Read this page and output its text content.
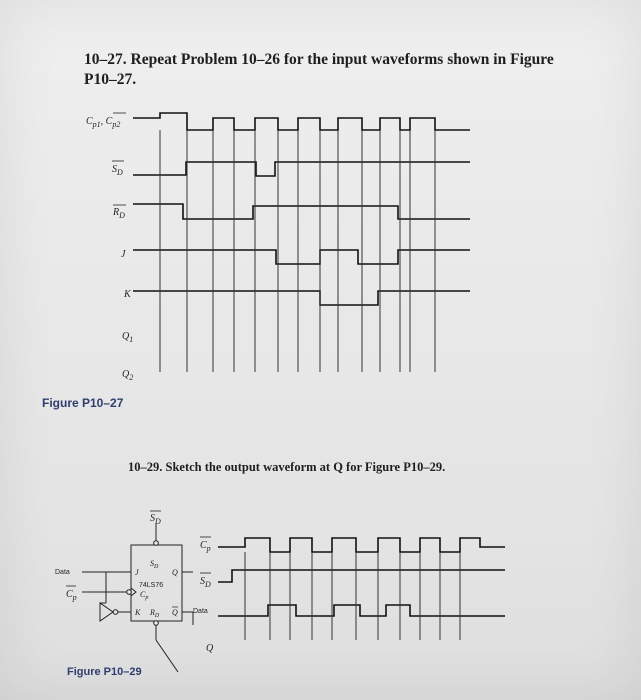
10–27. Repeat Problem 10–26 for the input waveforms shown in Figure P10–27.
Figure P10–27
10–29. Sketch the output waveform at Q for Figure P10–29.
Figure P10–29
$C_{p1}$, $C_{p2}$
$S_D$
$R_D$
J
K
$Q_1$
$Q_2$
$S_D$
Data
$C_p$
J
$S_D$
Q
74LS76
$C_p$
K $R_D$ Q
$C_p$
$S_D$
Data
Q
